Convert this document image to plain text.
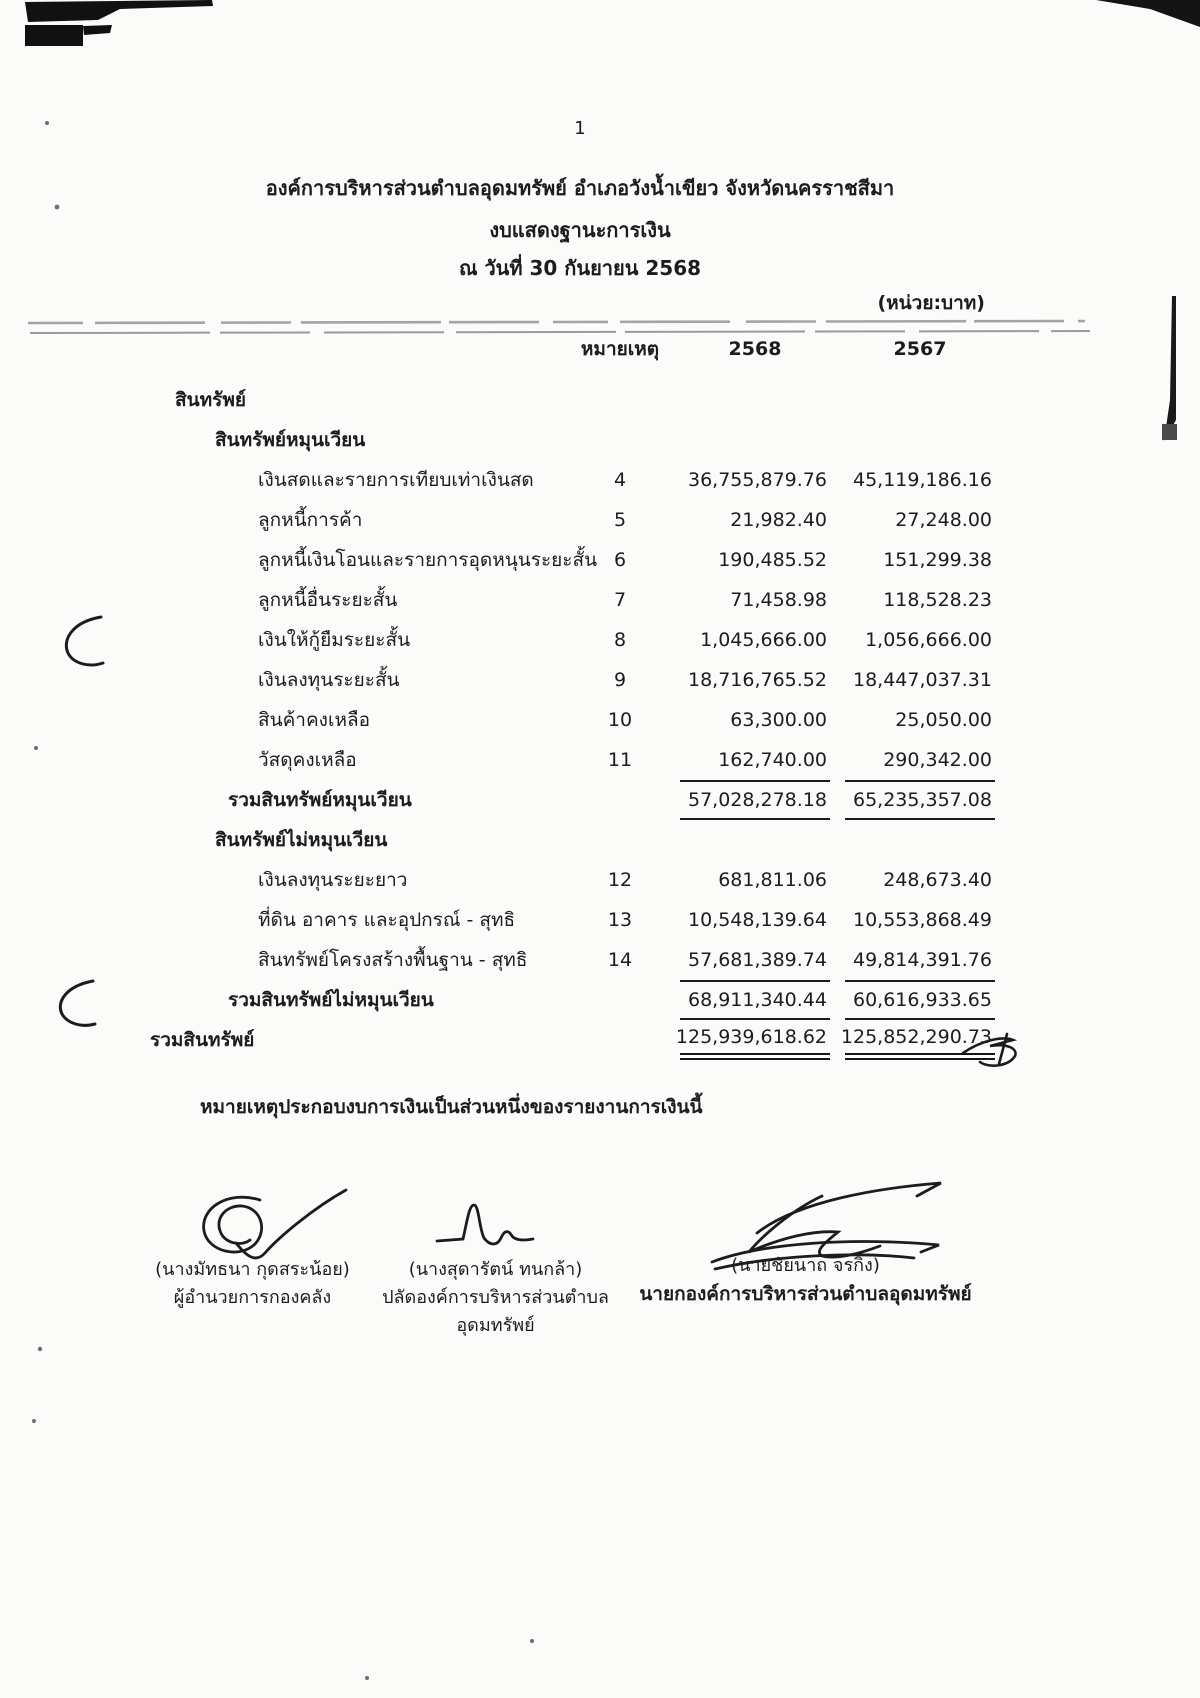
1
องค์การบริหารส่วนตำบลอุดมทรัพย์ อำเภอวังน้ำเขียว จังหวัดนครราชสีมา
งบแสดงฐานะการเงิน
ณ วันที่ 30 กันยายน 2568
(หน่วย:บาท)
หมายเหตุ	2568	2567
สินทรัพย์
สินทรัพย์หมุนเวียน
เงินสดและรายการเทียบเท่าเงินสด	4	36,755,879.76	45,119,186.16
ลูกหนี้การค้า	5	21,982.40	27,248.00
ลูกหนี้เงินโอนและรายการอุดหนุนระยะสั้น 6	190,485.52	151,299.38
ลูกหนี้อื่นระยะสั้น	7	71,458.98	118,528.23
เงินให้กู้ยืมระยะสั้น	8	1,045,666.00	1,056,666.00
เงินลงทุนระยะสั้น	9	18,716,765.52	18,447,037.31
สินค้าคงเหลือ	10	63,300.00	25,050.00
วัสดุคงเหลือ	11	162,740.00	290,342.00
รวมสินทรัพย์หมุนเวียน	57,028,278.18	65,235,357.08
สินทรัพย์ไม่หมุนเวียน
เงินลงทุนระยะยาว	12	681,811.06	248,673.40
ที่ดิน อาคาร และอุปกรณ์ - สุทธิ	13	10,548,139.64	10,553,868.49
สินทรัพย์โครงสร้างพื้นฐาน - สุทธิ	14	57,681,389.74	49,814,391.76
รวมสินทรัพย์ไม่หมุนเวียน	68,911,340.44	60,616,933.65
รวมสินทรัพย์	125,939,618.62 125,852,290.73
หมายเหตุประกอบงบการเงินเป็นส่วนหนึ่งของรายงานการเงินนี้
(นางมัทธนา กุดสระน้อย)
ผู้อำนวยการกองคลัง
(นางสุดารัตน์ ทนกล้า)
ปลัดองค์การบริหารส่วนตำบลอุดมทรัพย์
(นายชัยนาถ จรกิ่ง)
นายกองค์การบริหารส่วนตำบลอุดมทรัพย์
